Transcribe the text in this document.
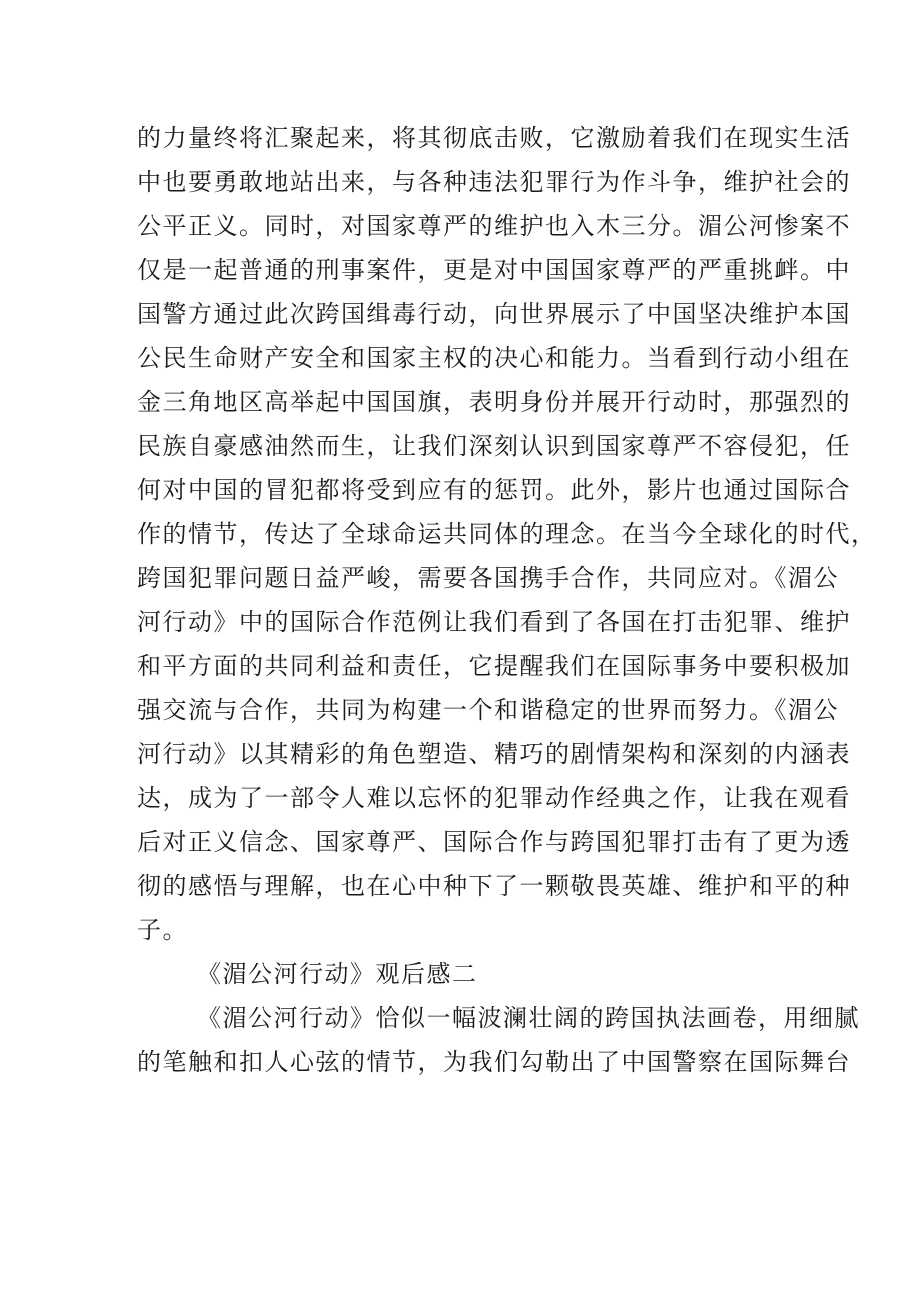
的力量终将汇聚起来，将其彻底击败，它激励着我们在现实生活
中也要勇敢地站出来，与各种违法犯罪行为作斗争，维护社会的
公平正义。同时，对国家尊严的维护也入木三分。湄公河惨案不
仅是一起普通的刑事案件，更是对中国国家尊严的严重挑衅。中
国警方通过此次跨国缉毒行动，向世界展示了中国坚决维护本国
公民生命财产安全和国家主权的决心和能力。当看到行动小组在
金三角地区高举起中国国旗，表明身份并展开行动时，那强烈的
民族自豪感油然而生，让我们深刻认识到国家尊严不容侵犯，任
何对中国的冒犯都将受到应有的惩罚。此外，影片也通过国际合
作的情节，传达了全球命运共同体的理念。在当今全球化的时代，
跨国犯罪问题日益严峻，需要各国携手合作，共同应对。《湄公
河行动》中的国际合作范例让我们看到了各国在打击犯罪、维护
和平方面的共同利益和责任，它提醒我们在国际事务中要积极加
强交流与合作，共同为构建一个和谐稳定的世界而努力。《湄公
河行动》以其精彩的角色塑造、精巧的剧情架构和深刻的内涵表
达，成为了一部令人难以忘怀的犯罪动作经典之作，让我在观看
后对正义信念、国家尊严、国际合作与跨国犯罪打击有了更为透
彻的感悟与理解，也在心中种下了一颗敬畏英雄、维护和平的种
子。
《湄公河行动》观后感二
《湄公河行动》恰似一幅波澜壮阔的跨国执法画卷，用细腻
的笔触和扣人心弦的情节，为我们勾勒出了中国警察在国际舞台
